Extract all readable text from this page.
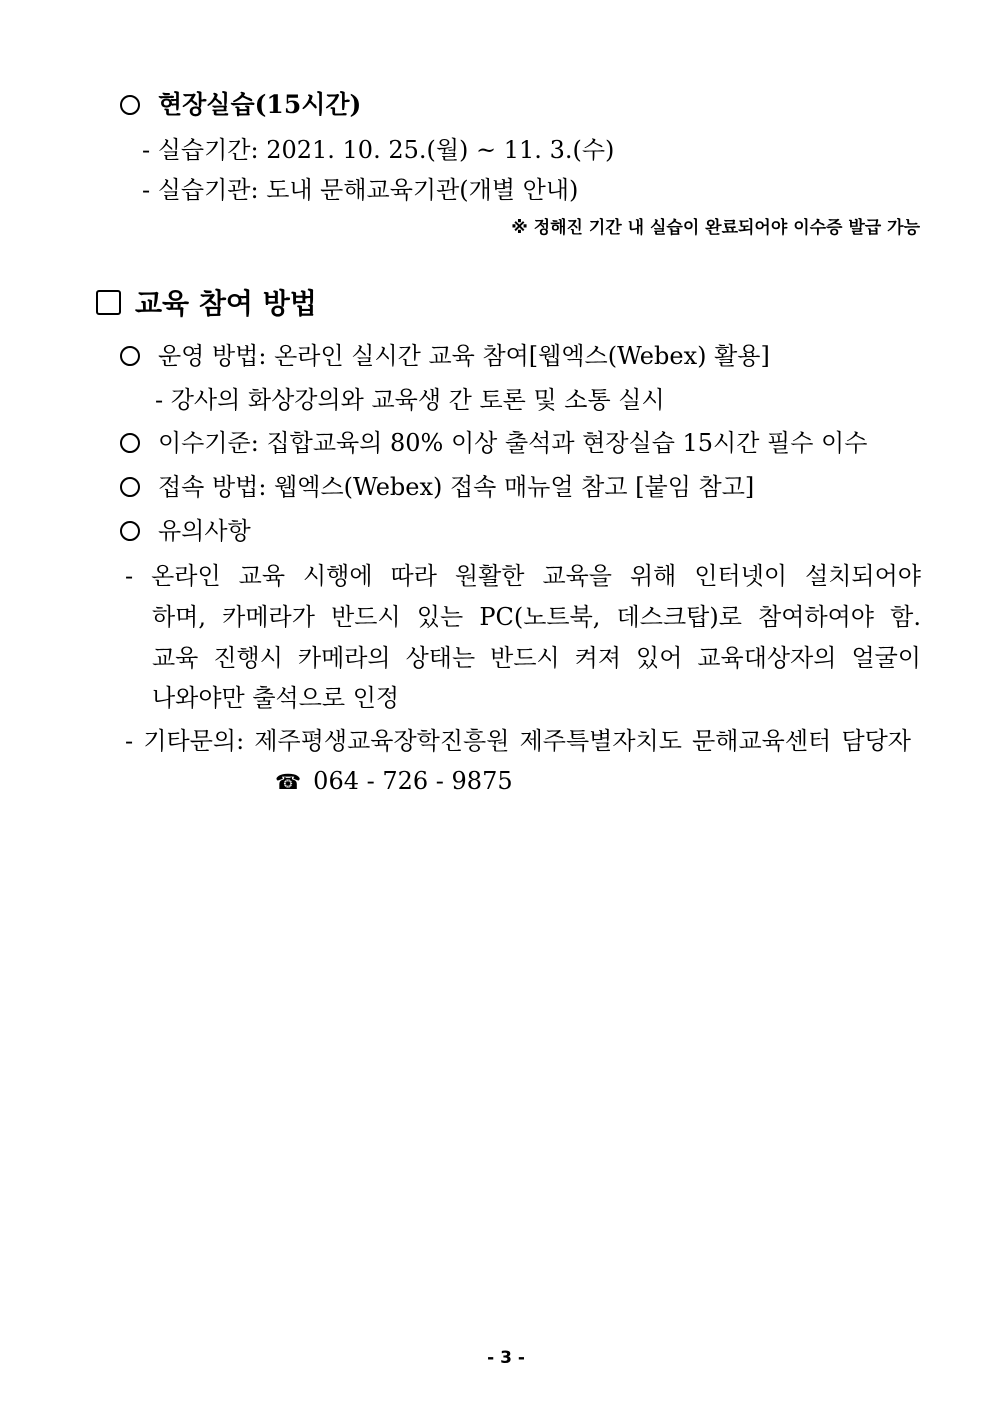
현장실습(15시간)
- 실습기간: 2021. 10. 25.(월) ~ 11. 3.(수)
- 실습기관: 도내 문해교육기관(개별 안내)
※ 정해진 기간 내 실습이 완료되어야 이수증 발급 가능
교육 참여 방법
운영 방법: 온라인 실시간 교육 참여[웹엑스(Webex) 활용]
- 강사의 화상강의와 교육생 간 토론 및 소통 실시
이수기준: 집합교육의 80% 이상 출석과 현장실습 15시간 필수 이수
접속 방법: 웹엑스(Webex) 접속 매뉴얼 참고 [붙임 참고]
유의사항
- 온라인 교육 시행에 따라 원활한 교육을 위해 인터넷이 설치되어야
하며, 카메라가 반드시 있는 PC(노트북, 데스크탑)로 참여하여야 함.
교육 진행시 카메라의 상태는 반드시 켜져 있어 교육대상자의 얼굴이
나와야만 출석으로 인정
- 기타문의: 제주평생교육장학진흥원 제주특별자치도 문해교육센터 담당자
☎ 064 - 726 - 9875
- 3 -
